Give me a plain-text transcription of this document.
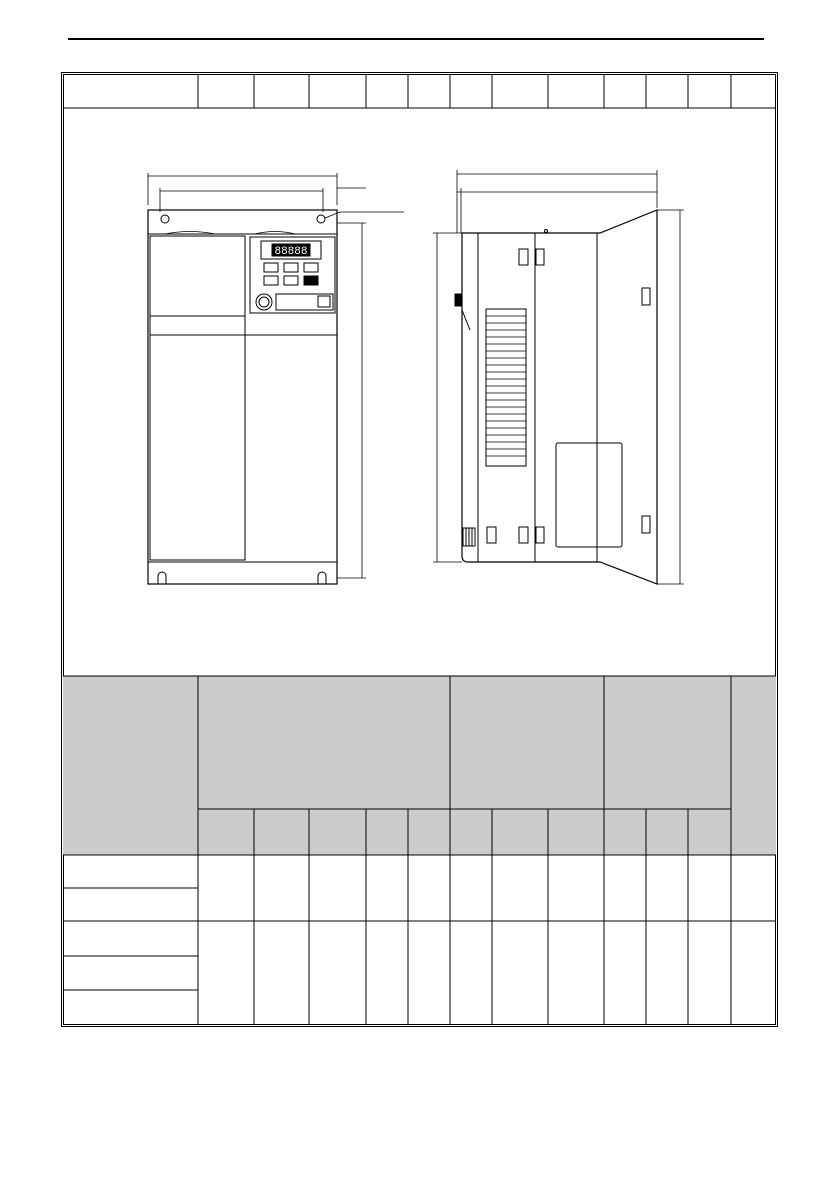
88888
